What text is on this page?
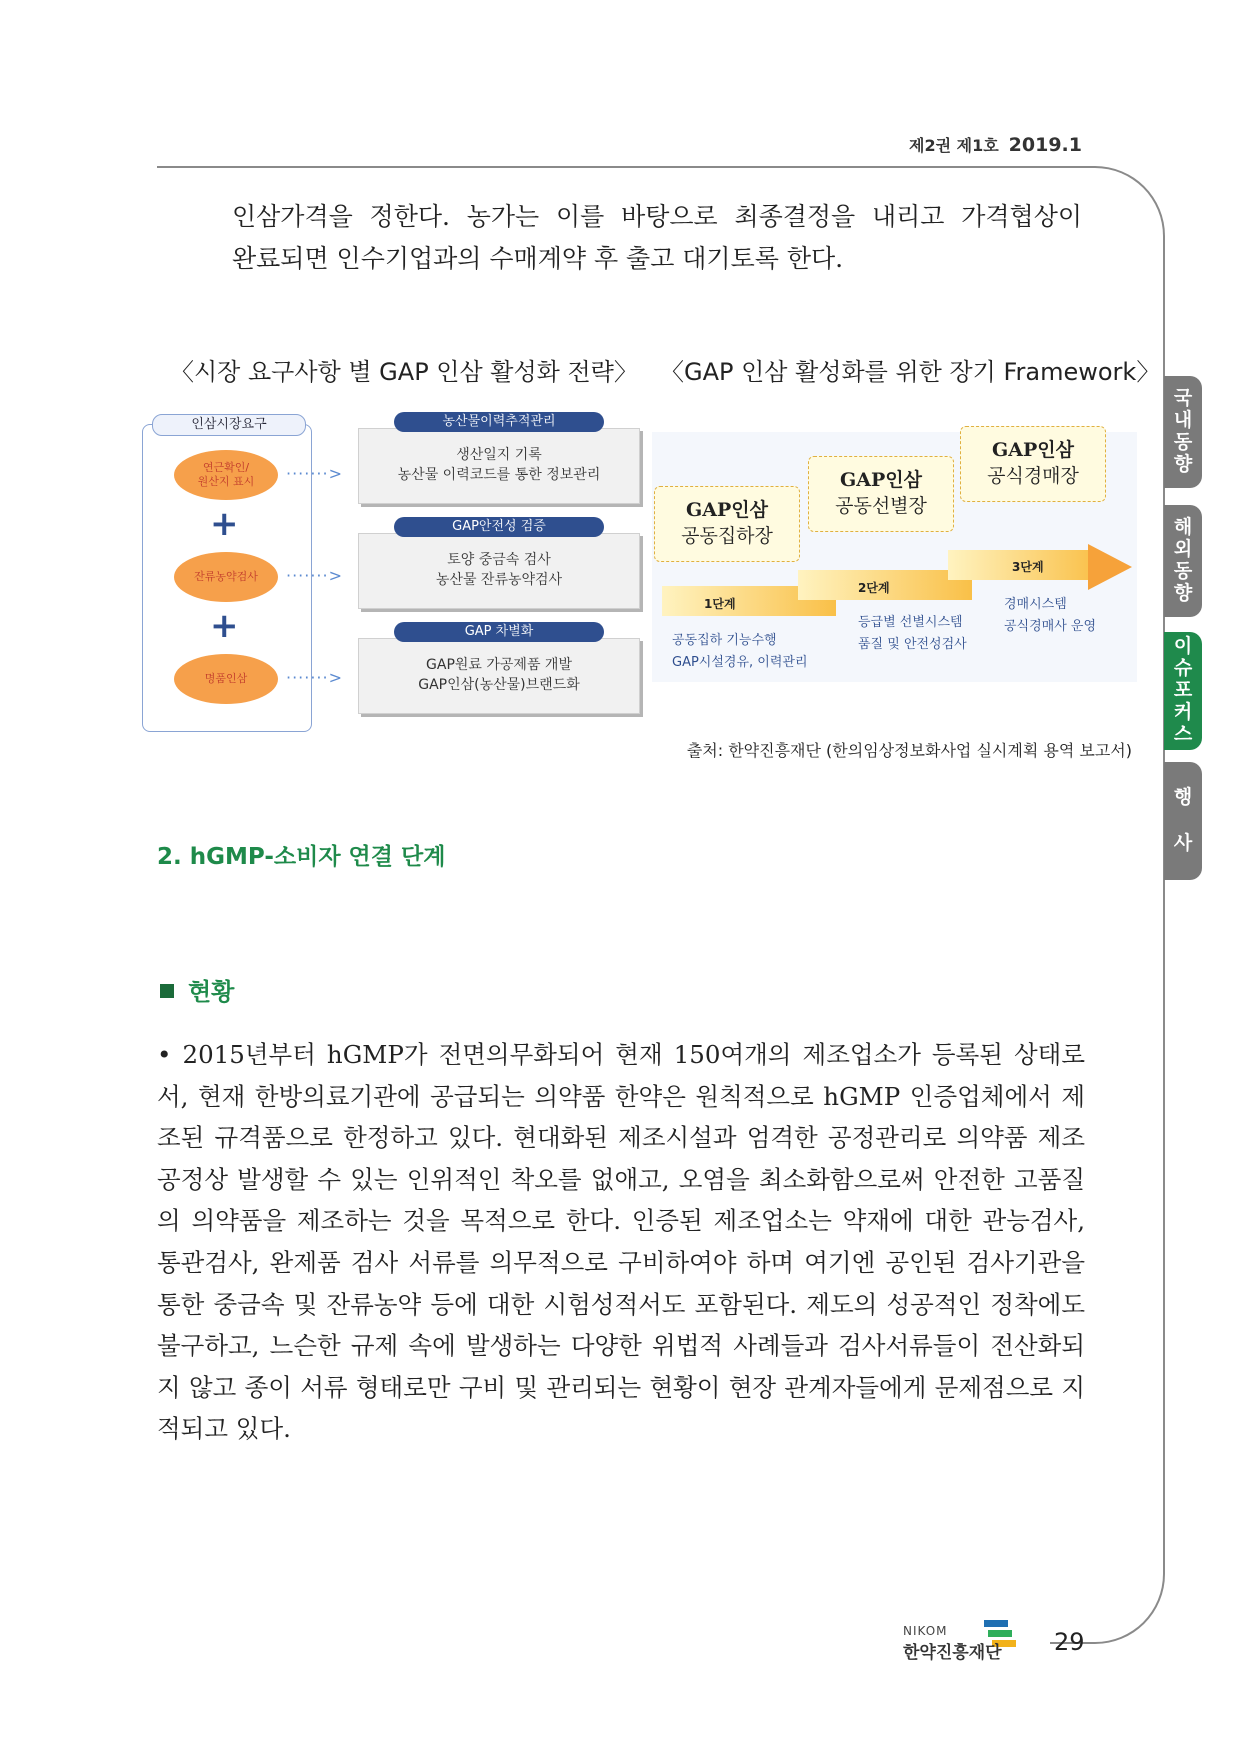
제2권 제1호 2019.1
국
내
동
향
해
외
동
향
이
슈
포
커
스
행
사
인삼가격을 정한다. 농가는 이를 바탕으로 최종결정을 내리고 가격협상이
완료되면 인수기업과의 수매계약 후 출고 대기토록 한다.
〈시장 요구사항 별 GAP 인삼 활성화 전략〉 〈GAP 인삼 활성화를 위한 장기 Framework〉
인삼시장요구
연근확인/
원산지 표시
+
잔류농약검사
+
명품인삼
·······>
·······>
·······>
생산일지 기록
농산물 이력코드를 통한 정보관리
농산물이력추적관리
토양 중금속 검사
농산물 잔류농약검사
GAP안전성 검증
GAP원료 가공제품 개발
GAP인삼(농산물)브랜드화
GAP 차별화
GAP인삼
공동집하장
GAP인삼
공동선별장
GAP인삼
공식경매장
1단계
2단계
3단계
공동집하 기능수행
GAP시설경유, 이력관리
등급별 선별시스템
품질 및 안전성검사
경매시스템
공식경매사 운영
출처: 한약진흥재단 (한의임상정보화사업 실시계획 용역 보고서)
2. hGMP-소비자 연결 단계
현황
• 2015년부터 hGMP가 전면의무화되어 현재 150여개의 제조업소가 등록된 상태로서, 현재 한방의료기관에 공급되는 의약품 한약은 원칙적으로 hGMP 인증업체에서 제조된 규격품으로 한정하고 있다. 현대화된 제조시설과 엄격한 공정관리로 의약품 제조공정상 발생할 수 있는 인위적인 착오를 없애고, 오염을 최소화함으로써 안전한 고품질의 의약품을 제조하는 것을 목적으로 한다. 인증된 제조업소는 약재에 대한 관능검사, 통관검사, 완제품 검사 서류를 의무적으로 구비하여야 하며 여기엔 공인된 검사기관을 통한 중금속 및 잔류농약 등에 대한 시험성적서도 포함된다. 제도의 성공적인 정착에도 불구하고, 느슨한 규제 속에 발생하는 다양한 위법적 사례들과 검사서류들이 전산화되지 않고 종이 서류 형태로만 구비 및 관리되는 현황이 현장 관계자들에게 문제점으로 지적되고 있다.
NIKOM
한약진흥재단 29
